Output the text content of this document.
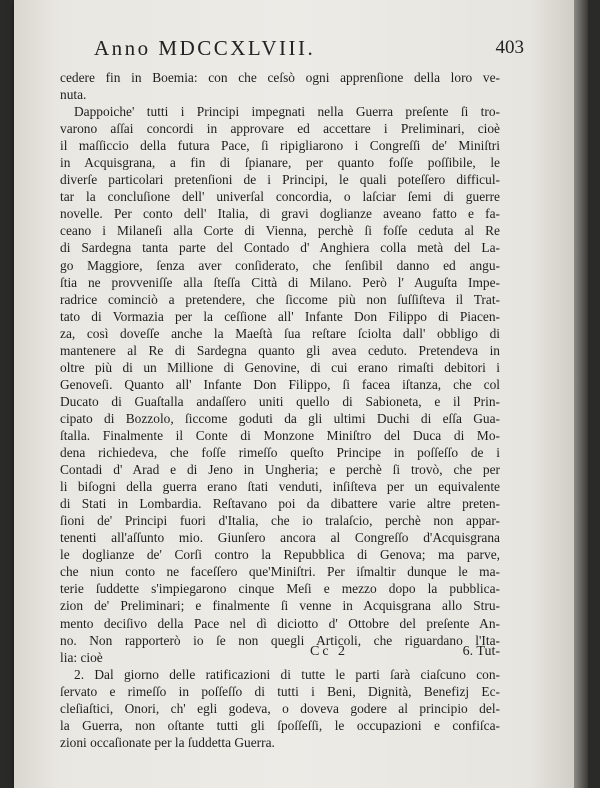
Anno MDCCXLVIII.	403
cedere fin in Boemia: con che ceſsò ogni apprenſione della loro ve-
nuta.
Dappoiche' tutti i Principi impegnati nella Guerra preſente ſi tro-
varono aſſai concordi in approvare ed accettare i Preliminari, cioè
il maſſiccio della futura Pace, ſi ripigliarono i Congreſſi de' Miniſtri
in Acquisgrana, a fin di ſpianare, per quanto foſſe poſſibile, le
diverſe particolari pretenſioni de i Principi, le quali poteſſero difficul-
tar la concluſione dell' univerſal concordia, o laſciar ſemi di guerre
novelle. Per conto dell' Italia, di gravi doglianze aveano fatto e fa-
ceano i Milaneſi alla Corte di Vienna, perchè ſi foſſe ceduta al Re
di Sardegna tanta parte del Contado d' Anghiera colla metà del La-
go Maggiore, ſenza aver conſiderato, che ſenſibil danno ed angu-
ſtia ne provveniſſe alla ſteſſa Città di Milano. Però l' Auguſta Impe-
radrice cominciò a pretendere, che ſiccome più non ſuſſiſteva il Trat-
tato di Vormazia per la ceſſione all' Infante Don Filippo di Piacen-
za, così doveſſe anche la Maeſtà ſua reſtare ſciolta dall' obbligo di
mantenere al Re di Sardegna quanto gli avea ceduto. Pretendeva in
oltre più di un Millione di Genovine, di cui erano rimaſti debitori i
Genoveſi. Quanto all' Infante Don Filippo, ſi facea iſtanza, che col
Ducato di Guaſtalla andaſſero uniti quello di Sabioneta, e il Prin-
cipato di Bozzolo, ſiccome goduti da gli ultimi Duchi di eſſa Gua-
ſtalla. Finalmente il Conte di Monzone Miniſtro del Duca di Mo-
dena richiedeva, che foſſe rimeſſo queſto Principe in poſſeſſo de i
Contadi d' Arad e di Jeno in Ungheria; e perchè ſi trovò, che per
li biſogni della guerra erano ſtati venduti, inſiſteva per un equivalente
di Stati in Lombardia. Reſtavano poi da dibattere varie altre preten-
ſioni de' Principi fuori d'Italia, che io tralaſcio, perchè non appar-
tenenti all'aſſunto mio. Giunſero ancora al Congreſſo d'Acquisgrana
le doglianze de' Corſi contro la Repubblica di Genova; ma parve,
che niun conto ne faceſſero que'Miniſtri. Per iſmaltir dunque le ma-
terie ſuddette s'impiegarono cinque Meſi e mezzo dopo la pubblica-
zion de' Preliminari; e finalmente ſi venne in Acquisgrana allo Stru-
mento deciſivo della Pace nel dì diciotto d' Ottobre del preſente An-
no. Non rapporterò io ſe non quegli Articoli, che riguardano l'Ita-
lia: cioè
2. Dal giorno delle ratificazioni di tutte le parti ſarà ciaſcuno con-
ſervato e rimeſſo in poſſeſſo di tutti i Beni, Dignità, Benefizj Ec-
cleſiaſtici, Onori, ch' egli godeva, o doveva godere al principio del-
la Guerra, non oſtante tutti gli ſpoſſeſſi, le occupazioni e confiſca-
zioni occaſionate per la ſuddetta Guerra.
Cc 2	6. Tut-
